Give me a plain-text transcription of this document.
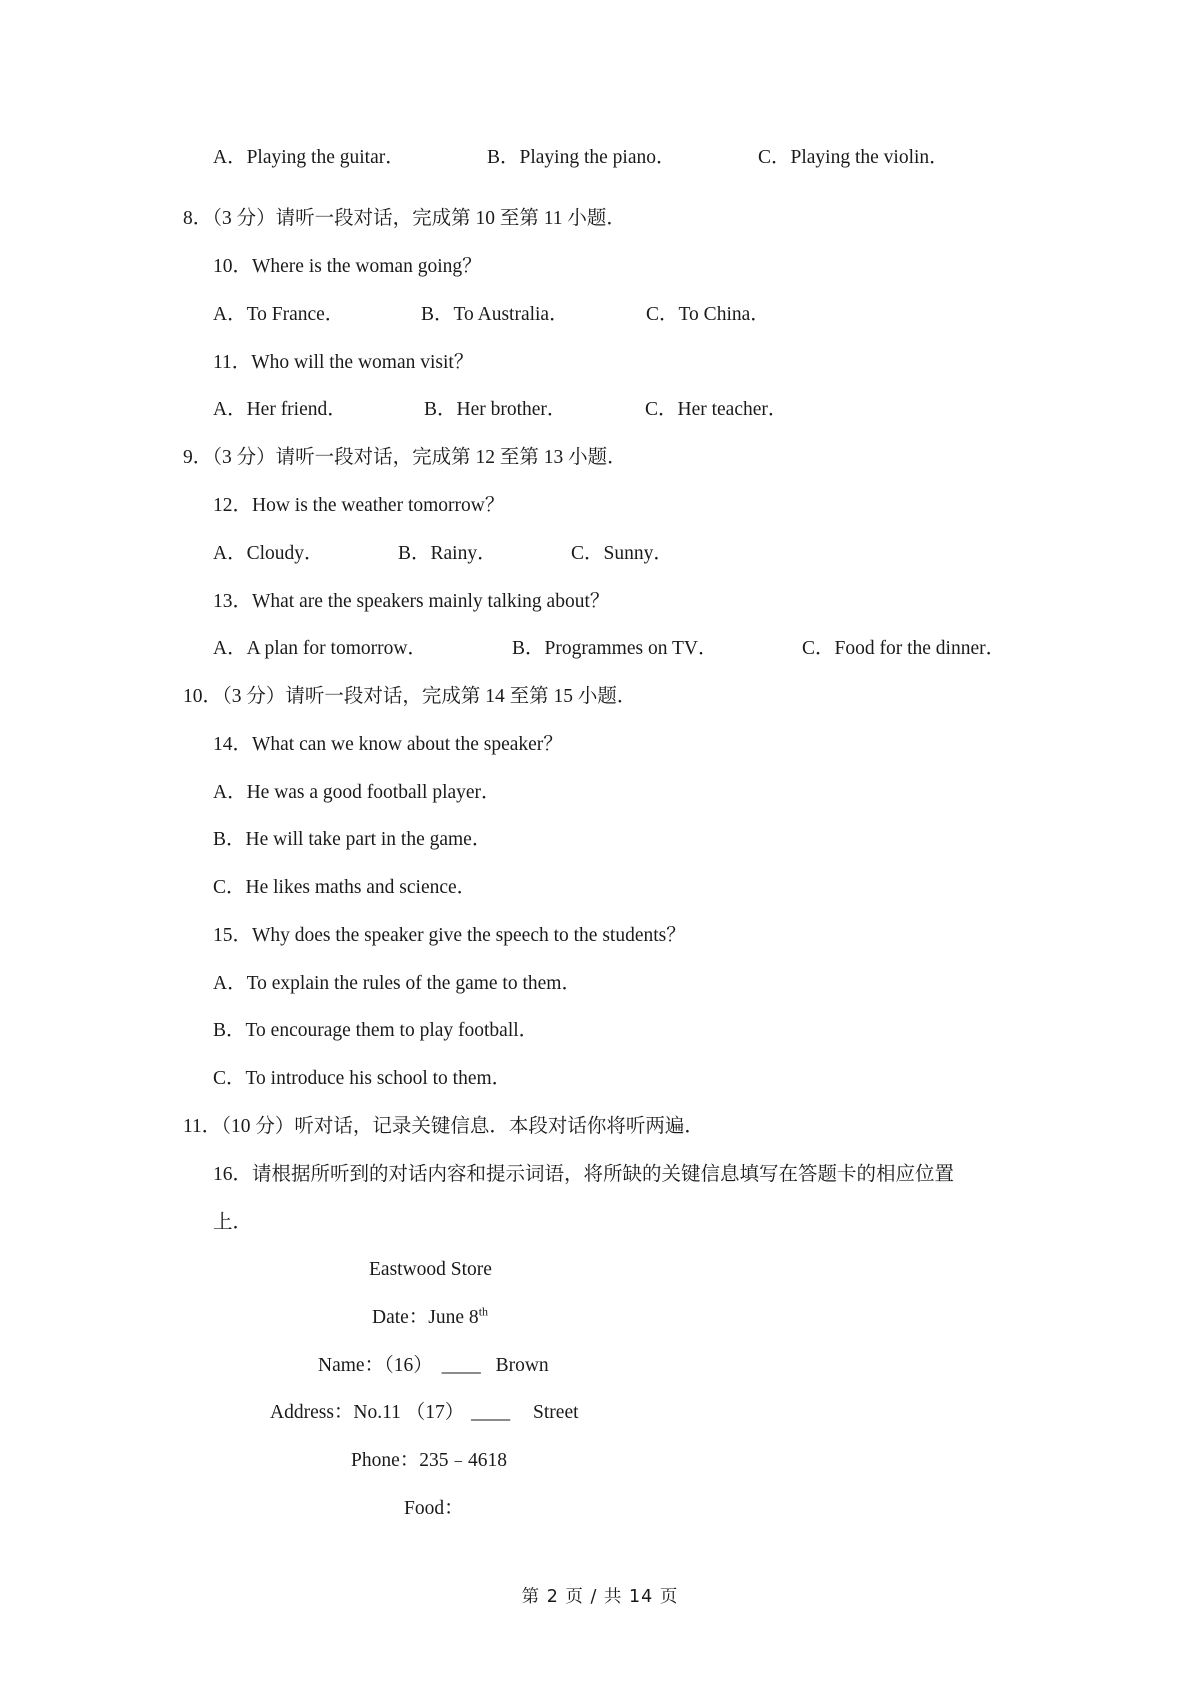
A．Playing the guitar．	B．Playing the piano．	C．Playing the violin．
8．（3 分）请听一段对话，完成第 10 至第 11 小题．
10．Where is the woman going？
A．To France．	B．To Australia．	C．To China．
11．Who will the woman visit？
A．Her friend．	B．Her brother．	C．Her teacher．
9．（3 分）请听一段对话，完成第 12 至第 13 小题．
12．How is the weather tomorrow？
A．Cloudy．	B．Rainy．	C．Sunny．
13．What are the speakers mainly talking about？
A．A plan for tomorrow．	B．Programmes on TV．	C．Food for the dinner．
10．（3 分）请听一段对话，完成第 14 至第 15 小题．
14．What can we know about the speaker？
A．He was a good football player．
B．He will take part in the game．
C．He likes maths and science．
15．Why does the speaker give the speech to the students？
A．To explain the rules of the game to them．
B．To encourage them to play football．
C．To introduce his school to them．
11．（10 分）听对话，记录关键信息．本段对话你将听两遍．
16．请根据所听到的对话内容和提示词语，将所缺的关键信息填写在答题卡的相应位置
上．
Eastwood Store
Date：June 8th
Name：（16） ____ Brown
Address：No.11 （17） ____ Street
Phone：235﹣4618
Food：
第 2 页 / 共 14 页
